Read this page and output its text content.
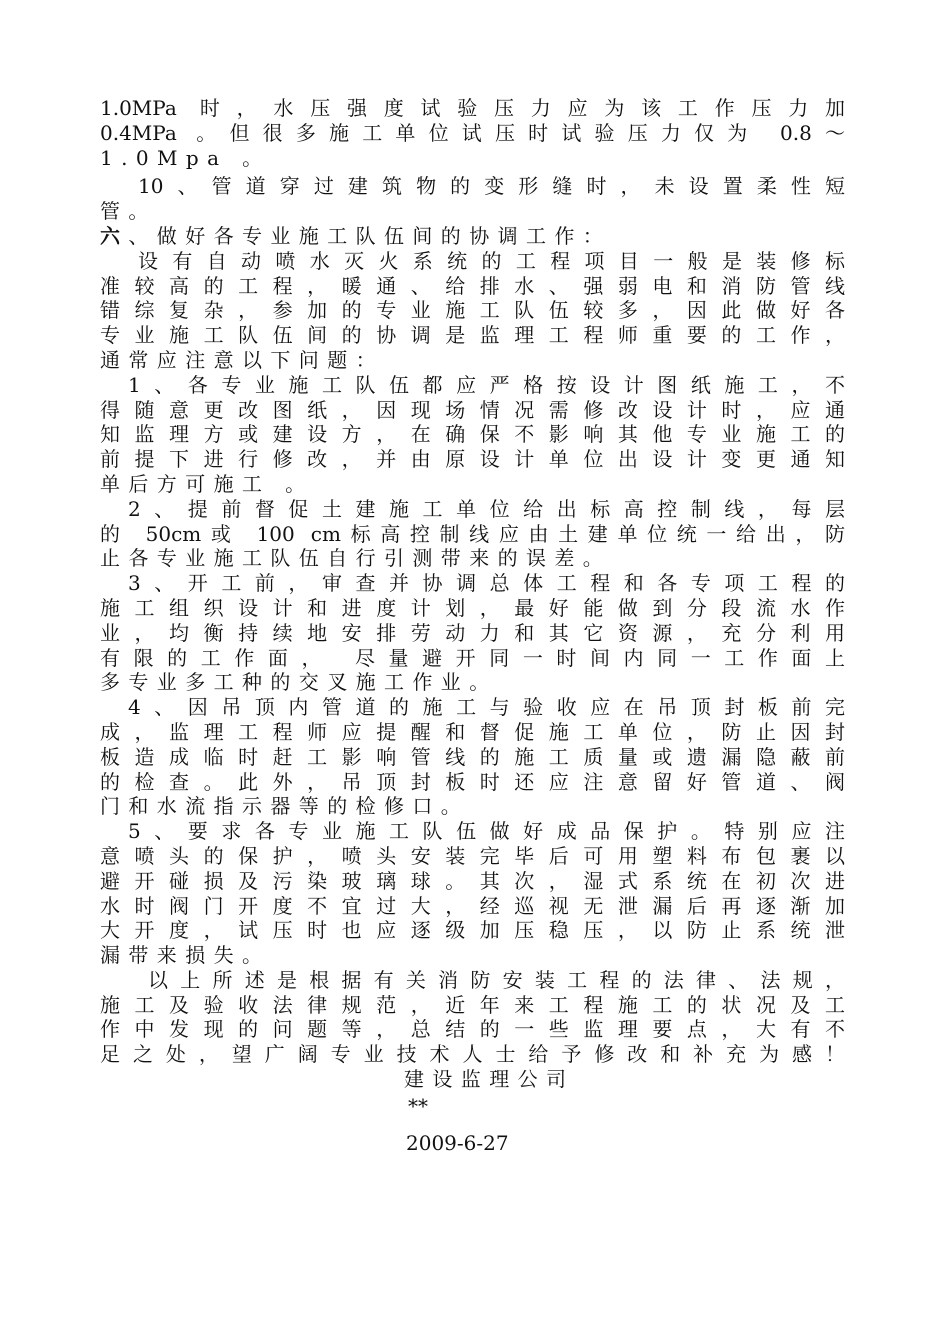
1.0MPa 时，水压强度试验压力应为该工作压力加
0.4MPa 。但很多施工单位试压时试验压力仅为 0.8～
1.0Mpa 。
10、管道穿过建筑物的变形缝时，未设置柔性短
管。
六、做好各专业施工队伍间的协调工作：
设有自动喷水灭火系统的工程项目一般是装修标
准较高的工程，暖通、给排水、强弱电和消防管线
错综复杂，参加的专业施工队伍较多，因此做好各
专业施工队伍间的协调是监理工程师重要的工作，
通常应注意以下问题：
1、各专业施工队伍都应严格按设计图纸施工，不
得随意更改图纸，因现场情况需修改设计时，应通
知监理方或建设方，在确保不影响其他专业施工的
前提下进行修改，并由原设计单位出设计变更通知
单后方可施工 。
2、提前督促土建施工单位给出标高控制线，每层
的 50cm或 100 cm标高控制线应由土建单位统一给出，防
止各专业施工队伍自行引测带来的误差。
3、开工前，审查并协调总体工程和各专项工程的
施工组织设计和进度计划，最好能做到分段流水作
业，均衡持续地安排劳动力和其它资源，充分利用
有限的工作面， 尽量避开同一时间内同一工作面上
多专业多工种的交叉施工作业。
4、因吊顶内管道的施工与验收应在吊顶封板前完
成，监理工程师应提醒和督促施工单位，防止因封
板造成临时赶工影响管线的施工质量或遗漏隐蔽前
的检查。此外，吊顶封板时还应注意留好管道、阀
门和水流指示器等的检修口。
5、要求各专业施工队伍做好成品保护。特别应注
意喷头的保护，喷头安装完毕后可用塑料布包裹以
避开碰损及污染玻璃球。其次，湿式系统在初次进
水时阀门开度不宜过大，经巡视无泄漏后再逐渐加
大开度，试压时也应逐级加压稳压，以防止系统泄
漏带来损失。
以上所述是根据有关消防安装工程的法律、法规，
施工及验收法律规范，近年来工程施工的状况及工
作中发现的问题等，总结的一些监理要点，大有不
足之处，望广阔专业技术人士给予修改和补充为感！
建设监理公司
**
2009-6-27
